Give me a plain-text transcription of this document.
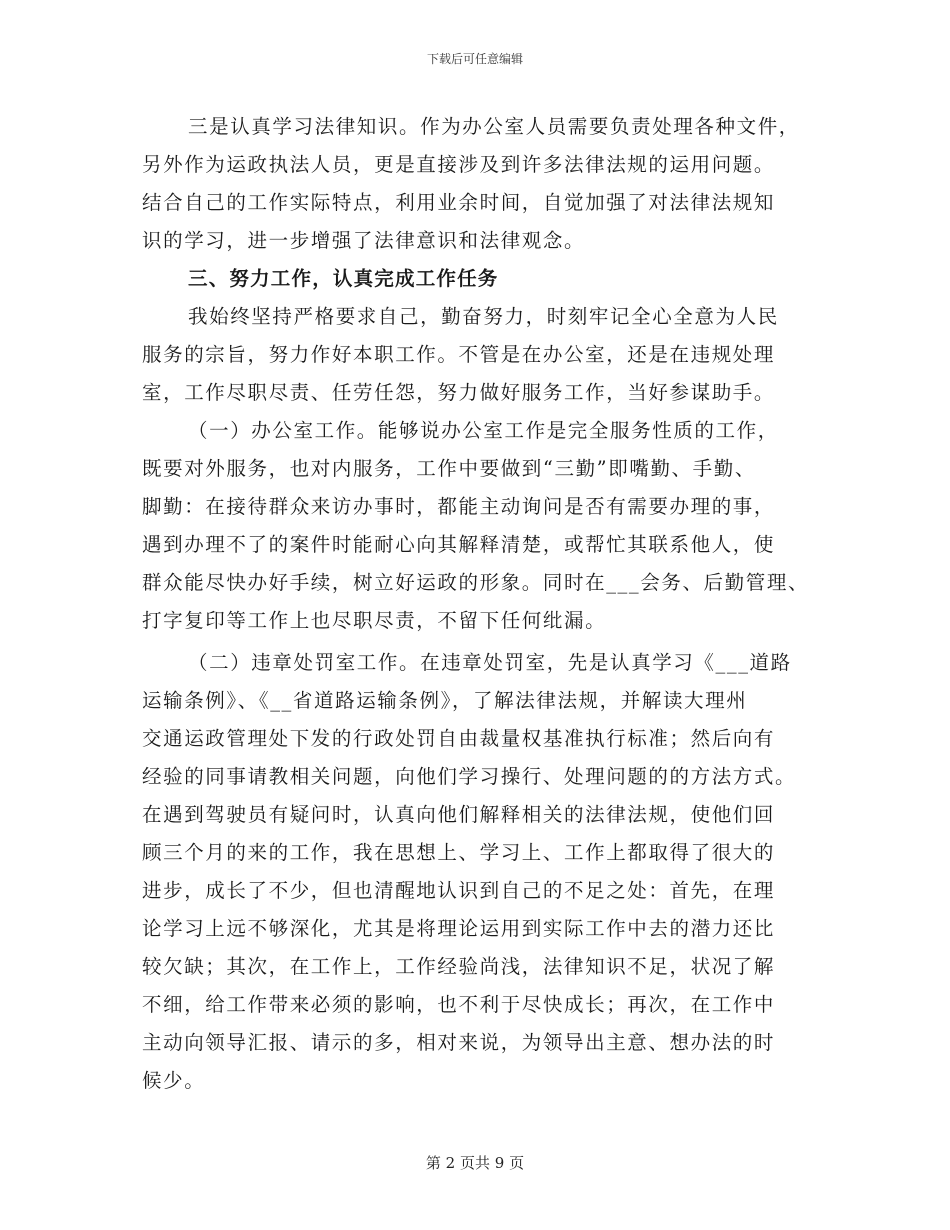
下载后可任意编辑
三是认真学习法律知识。作为办公室人员需要负责处理各种文件，
另外作为运政执法人员，更是直接涉及到许多法律法规的运用问题。
结合自己的工作实际特点，利用业余时间，自觉加强了对法律法规知
识的学习，进一步增强了法律意识和法律观念。
三、努力工作，认真完成工作任务
我始终坚持严格要求自己，勤奋努力，时刻牢记全心全意为人民
服务的宗旨，努力作好本职工作。不管是在办公室，还是在违规处理
室，工作尽职尽责、任劳任怨，努力做好服务工作，当好参谋助手。
（一）办公室工作。能够说办公室工作是完全服务性质的工作，
既要对外服务，也对内服务，工作中要做到“三勤”即嘴勤、手勤、
脚勤：在接待群众来访办事时，都能主动询问是否有需要办理的事，
遇到办理不了的案件时能耐心向其解释清楚，或帮忙其联系他人，使
群众能尽快办好手续，树立好运政的形象。同时在___会务、后勤管理、
打字复印等工作上也尽职尽责，不留下任何纰漏。
（二）违章处罚室工作。在违章处罚室，先是认真学习《___道路
运输条例》、《__省道路运输条例》，了解法律法规，并解读大理州
交通运政管理处下发的行政处罚自由裁量权基准执行标准；然后向有
经验的同事请教相关问题，向他们学习操行、处理问题的的方法方式。
在遇到驾驶员有疑问时，认真向他们解释相关的法律法规，使他们回
顾三个月的来的工作，我在思想上、学习上、工作上都取得了很大的
进步，成长了不少，但也清醒地认识到自己的不足之处：首先，在理
论学习上远不够深化，尤其是将理论运用到实际工作中去的潜力还比
较欠缺；其次，在工作上，工作经验尚浅，法律知识不足，状况了解
不细，给工作带来必须的影响，也不利于尽快成长；再次，在工作中
主动向领导汇报、请示的多，相对来说，为领导出主意、想办法的时
候少。
第 2 页共 9 页
